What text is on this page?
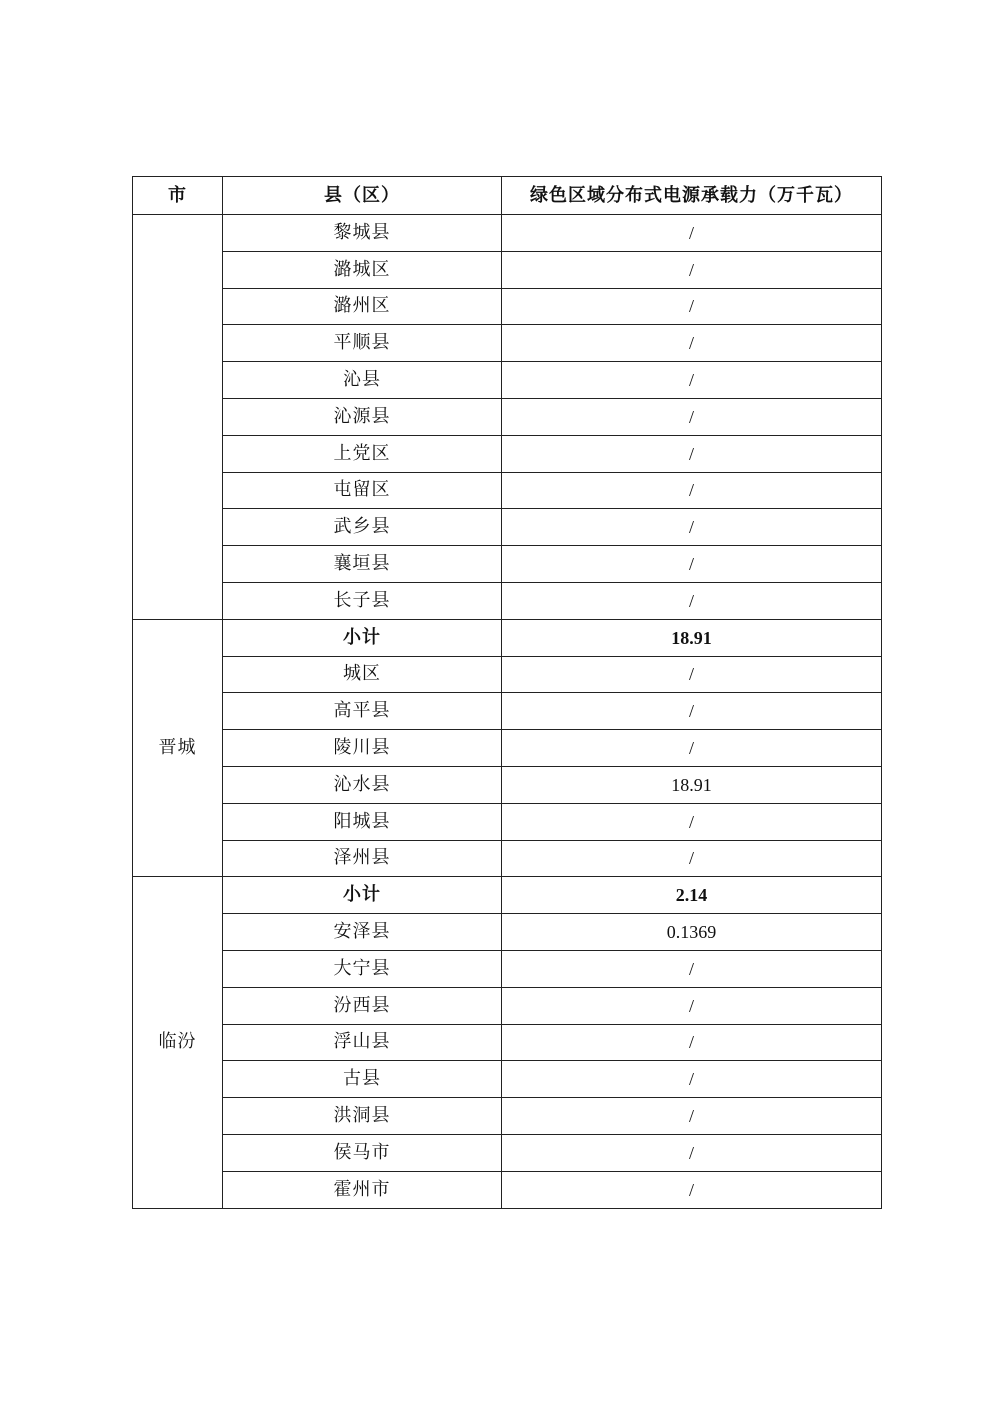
市	县（区）	绿色区域分布式电源承载力（万千瓦）
	黎城县	/
	潞城区	/
	潞州区	/
	平顺县	/
	沁县	/
	沁源县	/
	上党区	/
	屯留区	/
	武乡县	/
	襄垣县	/
	长子县	/
晋城	小计	18.91
	城区	/
	高平县	/
	陵川县	/
	沁水县	18.91
	阳城县	/
	泽州县	/
临汾	小计	2.14
	安泽县	0.1369
	大宁县	/
	汾西县	/
	浮山县	/
	古县	/
	洪洞县	/
	侯马市	/
	霍州市	/
